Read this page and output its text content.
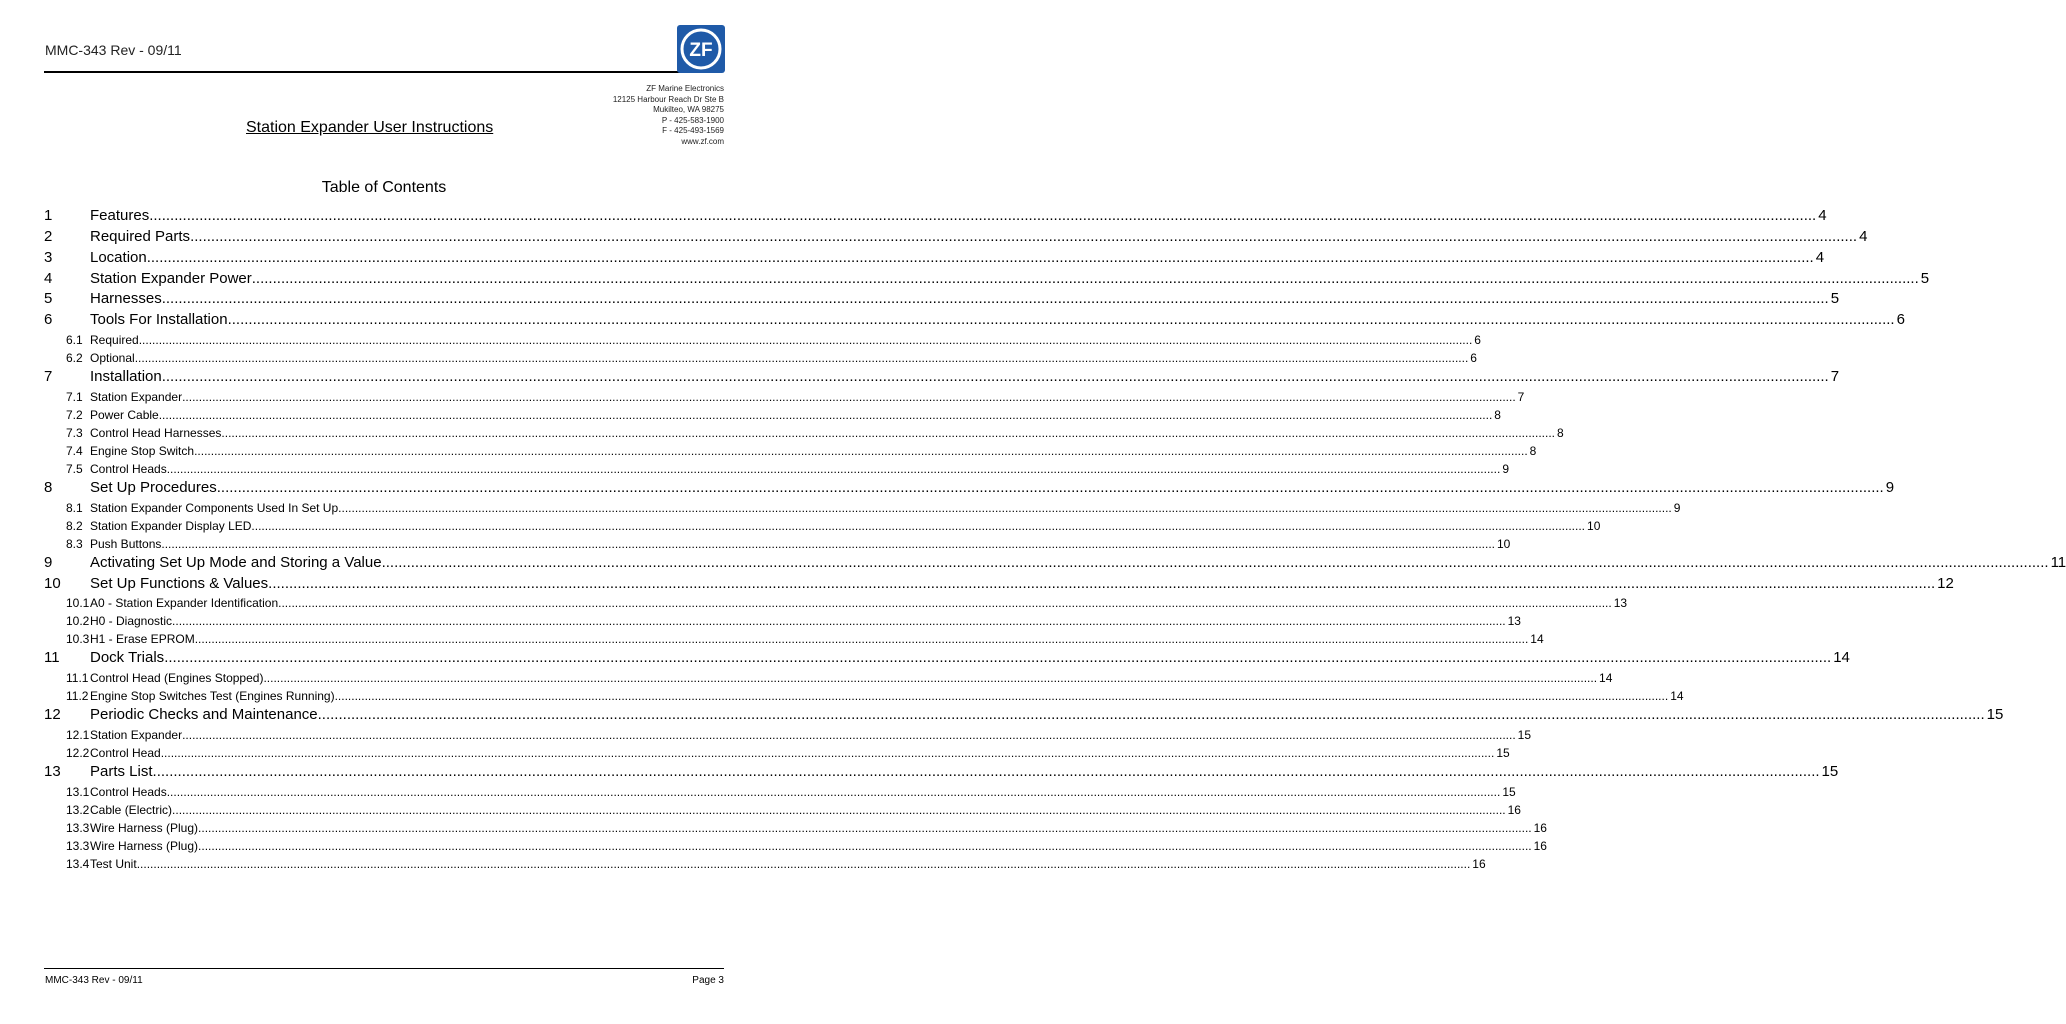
MMC-343 Rev - 09/11	ZF
ZF Marine Electronics
12125 Harbour Reach Dr Ste B
Mukilteo, WA 98275
P - 425-583-1900
F - 425-493-1569
www.zf.com
Station Expander User Instructions
Table of Contents
1	Features ................................................................................................................................................................................................................................................................................................................................................................................................................ 4
2	Required Parts ................................................................................................................................................................................................................................................................................................................................................................................................................ 4
3	Location ................................................................................................................................................................................................................................................................................................................................................................................................................ 4
4	Station Expander Power ................................................................................................................................................................................................................................................................................................................................................................................................................ 5
5	Harnesses ................................................................................................................................................................................................................................................................................................................................................................................................................ 5
6	Tools For Installation ................................................................................................................................................................................................................................................................................................................................................................................................................ 6
6.1 Required ................................................................................................................................................................................................................................................................................................................................................................................................................ 6
6.2 Optional ................................................................................................................................................................................................................................................................................................................................................................................................................ 6
7	Installation ................................................................................................................................................................................................................................................................................................................................................................................................................ 7
7.1 Station Expander ................................................................................................................................................................................................................................................................................................................................................................................................................ 7
7.2 Power Cable ................................................................................................................................................................................................................................................................................................................................................................................................................ 8
7.3 Control Head Harnesses ................................................................................................................................................................................................................................................................................................................................................................................................................ 8
7.4 Engine Stop Switch ................................................................................................................................................................................................................................................................................................................................................................................................................ 8
7.5 Control Heads ................................................................................................................................................................................................................................................................................................................................................................................................................ 9
8	Set Up Procedures ................................................................................................................................................................................................................................................................................................................................................................................................................ 9
8.1 Station Expander Components Used In Set Up ................................................................................................................................................................................................................................................................................................................................................................................................................ 9
8.2 Station Expander Display LED ................................................................................................................................................................................................................................................................................................................................................................................................................ 10
8.3 Push Buttons ................................................................................................................................................................................................................................................................................................................................................................................................................ 10
9	Activating Set Up Mode and Storing a Value ................................................................................................................................................................................................................................................................................................................................................................................................................ 11
10	Set Up Functions & Values ................................................................................................................................................................................................................................................................................................................................................................................................................ 12
10.1 A0 - Station Expander Identification ................................................................................................................................................................................................................................................................................................................................................................................................................ 13
10.2 H0 - Diagnostic ................................................................................................................................................................................................................................................................................................................................................................................................................ 13
10.3 H1 - Erase EPROM ................................................................................................................................................................................................................................................................................................................................................................................................................ 14
11	Dock Trials ................................................................................................................................................................................................................................................................................................................................................................................................................ 14
11.1 Control Head (Engines Stopped) ................................................................................................................................................................................................................................................................................................................................................................................................................ 14
11.2 Engine Stop Switches Test (Engines Running) ................................................................................................................................................................................................................................................................................................................................................................................................................ 14
12	Periodic Checks and Maintenance ................................................................................................................................................................................................................................................................................................................................................................................................................ 15
12.1 Station Expander ................................................................................................................................................................................................................................................................................................................................................................................................................ 15
12.2 Control Head ................................................................................................................................................................................................................................................................................................................................................................................................................ 15
13	Parts List ................................................................................................................................................................................................................................................................................................................................................................................................................ 15
13.1 Control Heads ................................................................................................................................................................................................................................................................................................................................................................................................................ 15
13.2 Cable (Electric) ................................................................................................................................................................................................................................................................................................................................................................................................................ 16
13.3 Wire Harness (Plug) ................................................................................................................................................................................................................................................................................................................................................................................................................ 16
13.3 Wire Harness (Plug) ................................................................................................................................................................................................................................................................................................................................................................................................................ 16
13.4 Test Unit ................................................................................................................................................................................................................................................................................................................................................................................................................ 16
MMC-343 Rev - 09/11	Page 3
